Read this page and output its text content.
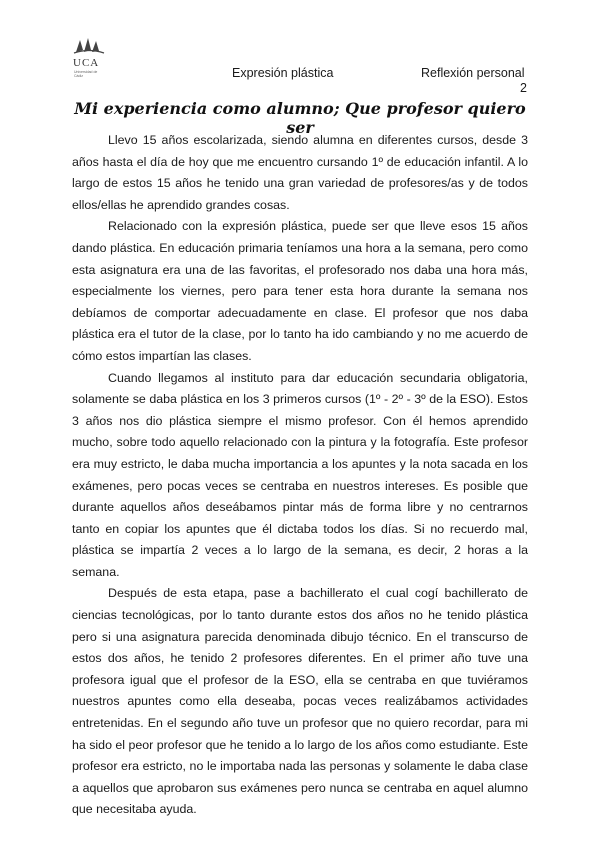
UCA
Universidad de Cádiz	Expresión plástica	Reflexión personal
2
Mi experiencia como alumno; Que profesor quiero ser

Llevo 15 años escolarizada, siendo alumna en diferentes cursos, desde 3 años hasta el día de hoy que me encuentro cursando 1º de educación infantil. A lo largo de estos 15 años he tenido una gran variedad de profesores/as y de todos ellos/ellas he aprendido grandes cosas.

Relacionado con la expresión plástica, puede ser que lleve esos 15 años dando plástica. En educación primaria teníamos una hora a la semana, pero como esta asignatura era una de las favoritas, el profesorado nos daba una hora más, especialmente los viernes, pero para tener esta hora durante la semana nos debíamos de comportar adecuadamente en clase. El profesor que nos daba plástica era el tutor de la clase, por lo tanto ha ido cambiando y no me acuerdo de cómo estos impartían las clases.

Cuando llegamos al instituto para dar educación secundaria obligatoria, solamente se daba plástica en los 3 primeros cursos (1º - 2º - 3º de la ESO). Estos 3 años nos dio plástica siempre el mismo profesor. Con él hemos aprendido mucho, sobre todo aquello relacionado con la pintura y la fotografía. Este profesor era muy estricto, le daba mucha importancia a los apuntes y la nota sacada en los exámenes, pero pocas veces se centraba en nuestros intereses. Es posible que durante aquellos años deseábamos pintar más de forma libre y no centrarnos tanto en copiar los apuntes que él dictaba todos los días. Si no recuerdo mal, plástica se impartía 2 veces a lo largo de la semana, es decir, 2 horas a la semana.

Después de esta etapa, pase a bachillerato el cual cogí bachillerato de ciencias tecnológicas, por lo tanto durante estos dos años no he tenido plástica pero si una asignatura parecida denominada dibujo técnico. En el transcurso de estos dos años, he tenido 2 profesores diferentes. En el primer año tuve una profesora igual que el profesor de la ESO, ella se centraba en que tuviéramos nuestros apuntes como ella deseaba, pocas veces realizábamos actividades entretenidas. En el segundo año tuve un profesor que no quiero recordar, para mi ha sido el peor profesor que he tenido a lo largo de los años como estudiante. Este profesor era estricto, no le importaba nada las personas y solamente le daba clase a aquellos que aprobaron sus exámenes pero nunca se centraba en aquel alumno que necesitaba ayuda.
